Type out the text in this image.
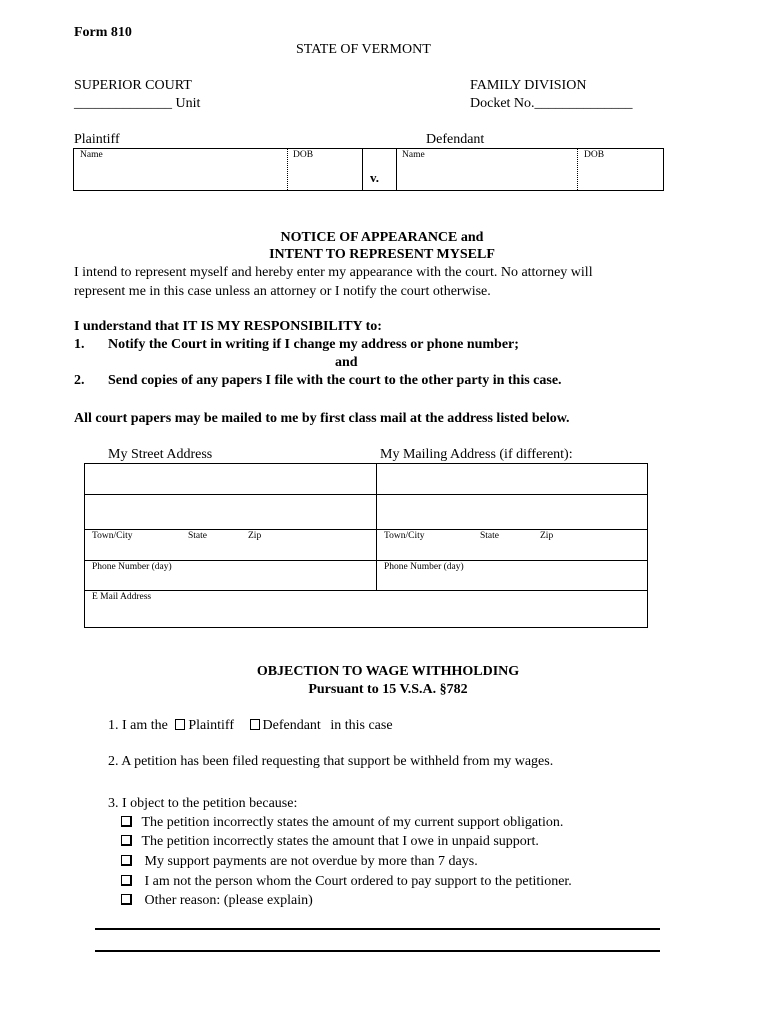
Form 810
STATE OF VERMONT
SUPERIOR COURT
______________ Unit
FAMILY DIVISION
Docket No.______________
Plaintiff	Defendant
Name	DOB
v.
Name	DOB
NOTICE OF APPEARANCE and
INTENT TO REPRESENT MYSELF
I intend to represent myself and hereby enter my appearance with the court. No attorney will
represent me in this case unless an attorney or I notify the court otherwise.
I understand that IT IS MY RESPONSIBILITY to:
1. Notify the Court in writing if I change my address or phone number;
and
2. Send copies of any papers I file with the court to the other party in this case.
All court papers may be mailed to me by first class mail at the address listed below.
My Street Address	My Mailing Address (if different):
Town/City	State	Zip	Town/City	State	Zip
Phone Number (day)	Phone Number (day)
E Mail Address
OBJECTION TO WAGE WITHHOLDING
Pursuant to 15 V.S.A. §782
1. I am the Plaintiff Defendant in this case
2. A petition has been filed requesting that support be withheld from my wages.
3. I object to the petition because:
The petition incorrectly states the amount of my current support obligation.
The petition incorrectly states the amount that I owe in unpaid support.
My support payments are not overdue by more than 7 days.
I am not the person whom the Court ordered to pay support to the petitioner.
Other reason: (please explain)
